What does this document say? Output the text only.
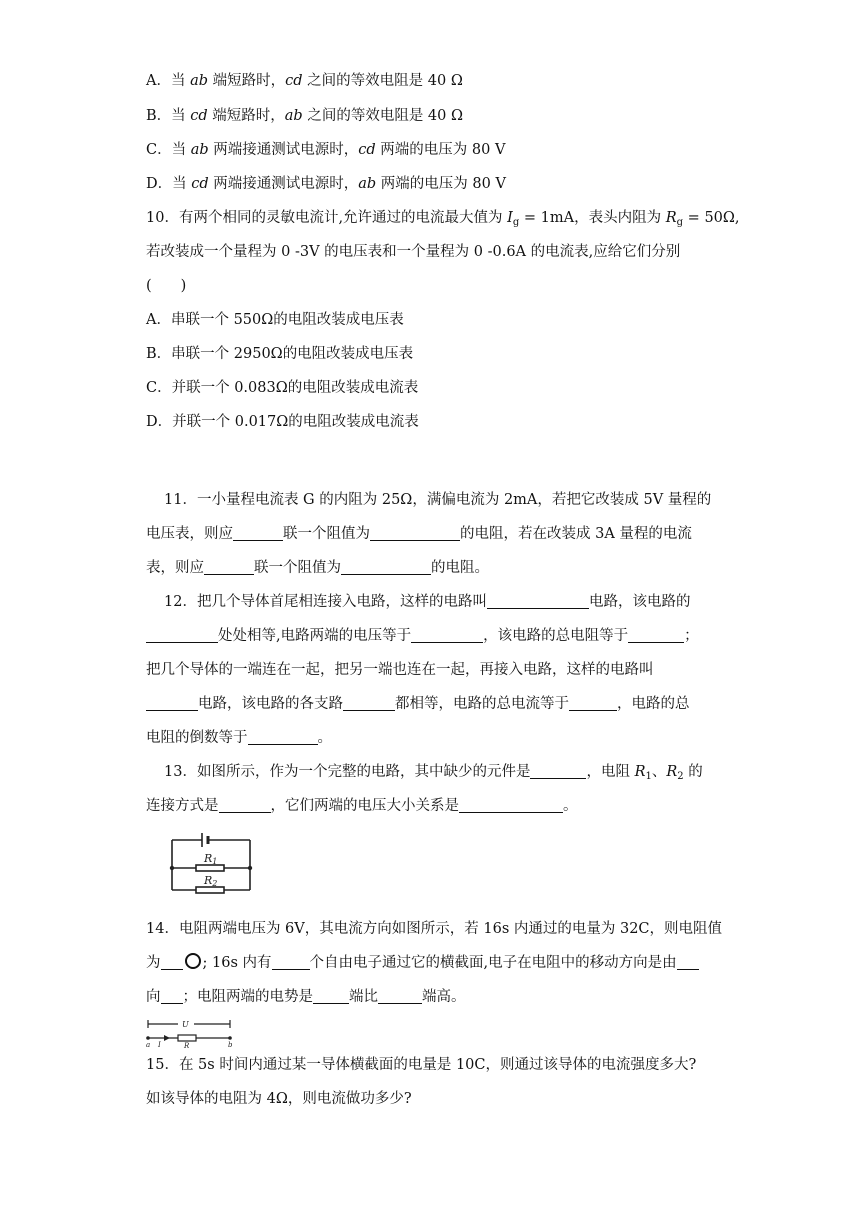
A．当 ab 端短路时，cd 之间的等效电阻是 40 Ω
B．当 cd 端短路时，ab 之间的等效电阻是 40 Ω
C．当 ab 两端接通测试电源时，cd 两端的电压为 80 V
D．当 cd 两端接通测试电源时，ab 两端的电压为 80 V
10．有两个相同的灵敏电流计,允许通过的电流最大值为 $I_g = 1mA$，表头内阻为 $R_g = 50\Omega$,
若改装成一个量程为 0 -3V 的电压表和一个量程为 0 -0.6A 的电流表,应给它们分别
(　　)
A．串联一个 550Ω的电阻改装成电压表
B．串联一个 2950Ω的电阻改装成电压表
C．并联一个 0.083Ω的电阻改装成电流表
D．并联一个 0.017Ω的电阻改装成电流表
11．一小量程电流表 G 的内阻为 25Ω，满偏电流为 2mA，若把它改装成 5V 量程的
电压表，则应	联一个阻值为	的电阻，若在改装成 3A 量程的电流
表，则应	联一个阻值为	的电阻。
12．把几个导体首尾相连接入电路，这样的电路叫	电路，该电路的
处处相等,电路两端的电压等于	，该电路的总电阻等于	；
把几个导体的一端连在一起，把另一端也连在一起，再接入电路，这样的电路叫
电路，该电路的各支路	都相等，电路的总电流等于	，电路的总
电阻的倒数等于	。
13．如图所示，作为一个完整的电路，其中缺少的元件是	，电阻 $R_1$、$R_2$ 的
连接方式是	，它们两端的电压大小关系是	。
R1
R2
14．电阻两端电压为 6V，其电流方向如图所示，若 16s 内通过的电量为 32C，则电阻值
为	; 16s 内有	个自由电子通过它的横截面,电子在电阻中的移动方向是由
向 ；电阻两端的电势是 端比	端高。
U
a I	R	b
15．在 5s 时间内通过某一导体横截面的电量是 10C，则通过该导体的电流强度多大?
如该导体的电阻为 4Ω，则电流做功多少?
